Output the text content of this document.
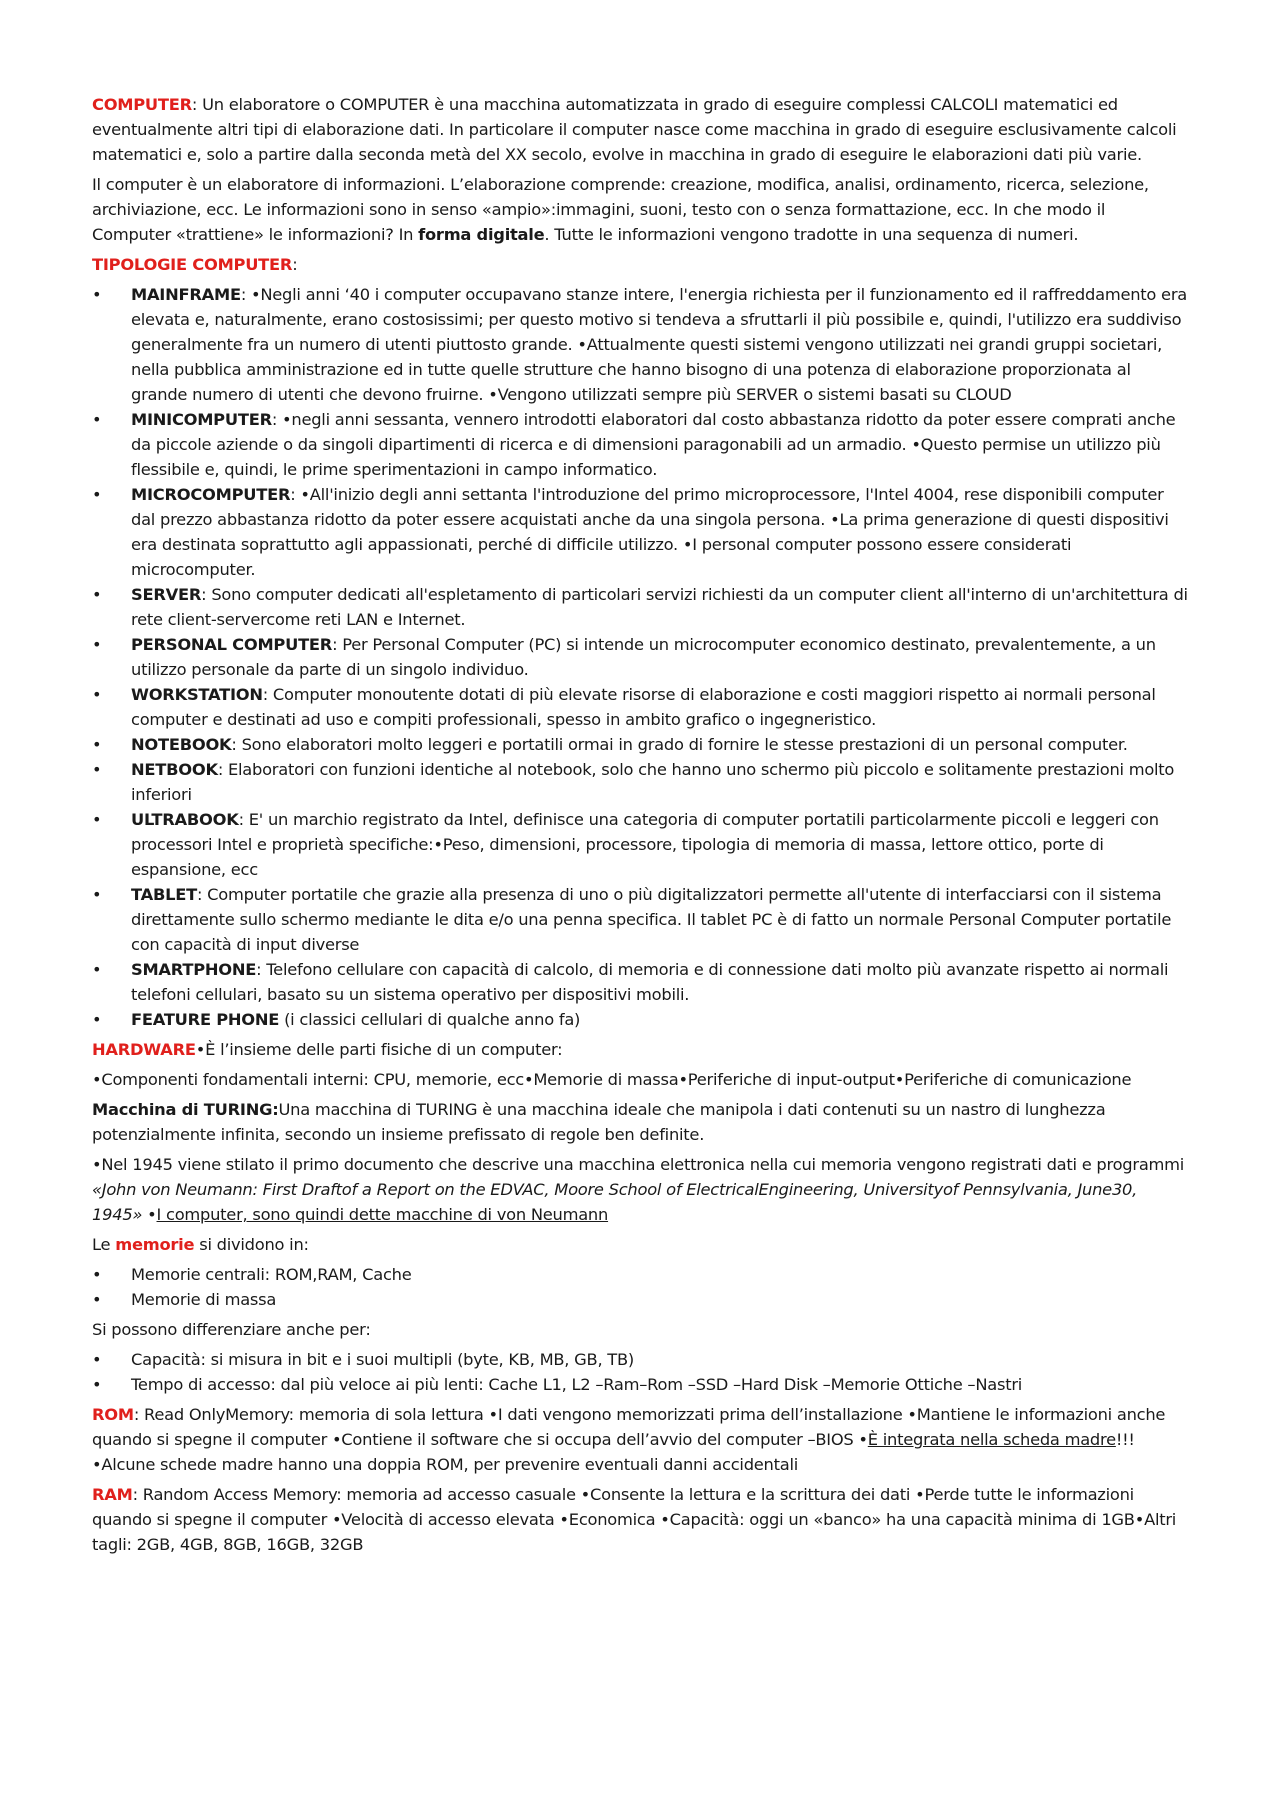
COMPUTER: Un elaboratore o COMPUTER è una macchina automatizzata in grado di eseguire complessi CALCOLI matematici ed eventualmente altri tipi di elaborazione dati. In particolare il computer nasce come macchina in grado di eseguire esclusivamente calcoli matematici e, solo a partire dalla seconda metà del XX secolo, evolve in macchina in grado di eseguire le elaborazioni dati più varie.

Il computer è un elaboratore di informazioni. L’elaborazione comprende: creazione, modifica, analisi, ordinamento, ricerca, selezione, archiviazione, ecc. Le informazioni sono in senso «ampio»:immagini, suoni, testo con o senza formattazione, ecc. In che modo il Computer «trattiene» le informazioni? In forma digitale. Tutte le informazioni vengono tradotte in una sequenza di numeri.

TIPOLOGIE COMPUTER:

• MAINFRAME: •Negli anni ‘40 i computer occupavano stanze intere, l'energia richiesta per il funzionamento ed il raffreddamento era elevata e, naturalmente, erano costosissimi; per questo motivo si tendeva a sfruttarli il più possibile e, quindi, l'utilizzo era suddiviso generalmente fra un numero di utenti piuttosto grande. •Attualmente questi sistemi vengono utilizzati nei grandi gruppi societari, nella pubblica amministrazione ed in tutte quelle strutture che hanno bisogno di una potenza di elaborazione proporzionata al grande numero di utenti che devono fruirne. •Vengono utilizzati sempre più SERVER o sistemi basati su CLOUD
• MINICOMPUTER: •negli anni sessanta, vennero introdotti elaboratori dal costo abbastanza ridotto da poter essere comprati anche da piccole aziende o da singoli dipartimenti di ricerca e di dimensioni paragonabili ad un armadio. •Questo permise un utilizzo più flessibile e, quindi, le prime sperimentazioni in campo informatico.
• MICROCOMPUTER: •All'inizio degli anni settanta l'introduzione del primo microprocessore, l'Intel 4004, rese disponibili computer dal prezzo abbastanza ridotto da poter essere acquistati anche da una singola persona. •La prima generazione di questi dispositivi era destinata soprattutto agli appassionati, perché di difficile utilizzo. •I personal computer possono essere considerati microcomputer.
• SERVER: Sono computer dedicati all'espletamento di particolari servizi richiesti da un computer client all'interno di un'architettura di rete client-servercome reti LAN e Internet.
• PERSONAL COMPUTER: Per Personal Computer (PC) si intende un microcomputer economico destinato, prevalentemente, a un utilizzo personale da parte di un singolo individuo.
• WORKSTATION: Computer monoutente dotati di più elevate risorse di elaborazione e costi maggiori rispetto ai normali personal computer e destinati ad uso e compiti professionali, spesso in ambito grafico o ingegneristico.
• NOTEBOOK: Sono elaboratori molto leggeri e portatili ormai in grado di fornire le stesse prestazioni di un personal computer.
• NETBOOK: Elaboratori con funzioni identiche al notebook, solo che hanno uno schermo più piccolo e solitamente prestazioni molto inferiori
• ULTRABOOK: E' un marchio registrato da Intel, definisce una categoria di computer portatili particolarmente piccoli e leggeri con processori Intel e proprietà specifiche:•Peso, dimensioni, processore, tipologia di memoria di massa, lettore ottico, porte di espansione, ecc
• TABLET: Computer portatile che grazie alla presenza di uno o più digitalizzatori permette all'utente di interfacciarsi con il sistema direttamente sullo schermo mediante le dita e/o una penna specifica. Il tablet PC è di fatto un normale Personal Computer portatile con capacità di input diverse
• SMARTPHONE: Telefono cellulare con capacità di calcolo, di memoria e di connessione dati molto più avanzate rispetto ai normali telefoni cellulari, basato su un sistema operativo per dispositivi mobili.
• FEATURE PHONE (i classici cellulari di qualche anno fa)

HARDWARE•È l’insieme delle parti fisiche di un computer:

•Componenti fondamentali interni: CPU, memorie, ecc•Memorie di massa•Periferiche di input-output•Periferiche di comunicazione

Macchina di TURING:Una macchina di TURING è una macchina ideale che manipola i dati contenuti su un nastro di lunghezza potenzialmente infinita, secondo un insieme prefissato di regole ben definite.

•Nel 1945 viene stilato il primo documento che descrive una macchina elettronica nella cui memoria vengono registrati dati e programmi «John von Neumann: First Draftof a Report on the EDVAC, Moore School of ElectricalEngineering, Universityof Pennsylvania, June30, 1945» •I computer, sono quindi dette macchine di von Neumann

Le memorie si dividono in:

• Memorie centrali: ROM,RAM, Cache
• Memorie di massa

Si possono differenziare anche per:

• Capacità: si misura in bit e i suoi multipli (byte, KB, MB, GB, TB)
• Tempo di accesso: dal più veloce ai più lenti: Cache L1, L2 –Ram–Rom –SSD –Hard Disk –Memorie Ottiche –Nastri

ROM: Read OnlyMemory: memoria di sola lettura •I dati vengono memorizzati prima dell’installazione •Mantiene le informazioni anche quando si spegne il computer •Contiene il software che si occupa dell’avvio del computer –BIOS •È integrata nella scheda madre!!!•Alcune schede madre hanno una doppia ROM, per prevenire eventuali danni accidentali

RAM: Random Access Memory: memoria ad accesso casuale •Consente la lettura e la scrittura dei dati •Perde tutte le informazioni quando si spegne il computer •Velocità di accesso elevata •Economica •Capacità: oggi un «banco» ha una capacità minima di 1GB•Altri tagli: 2GB, 4GB, 8GB, 16GB, 32GB
